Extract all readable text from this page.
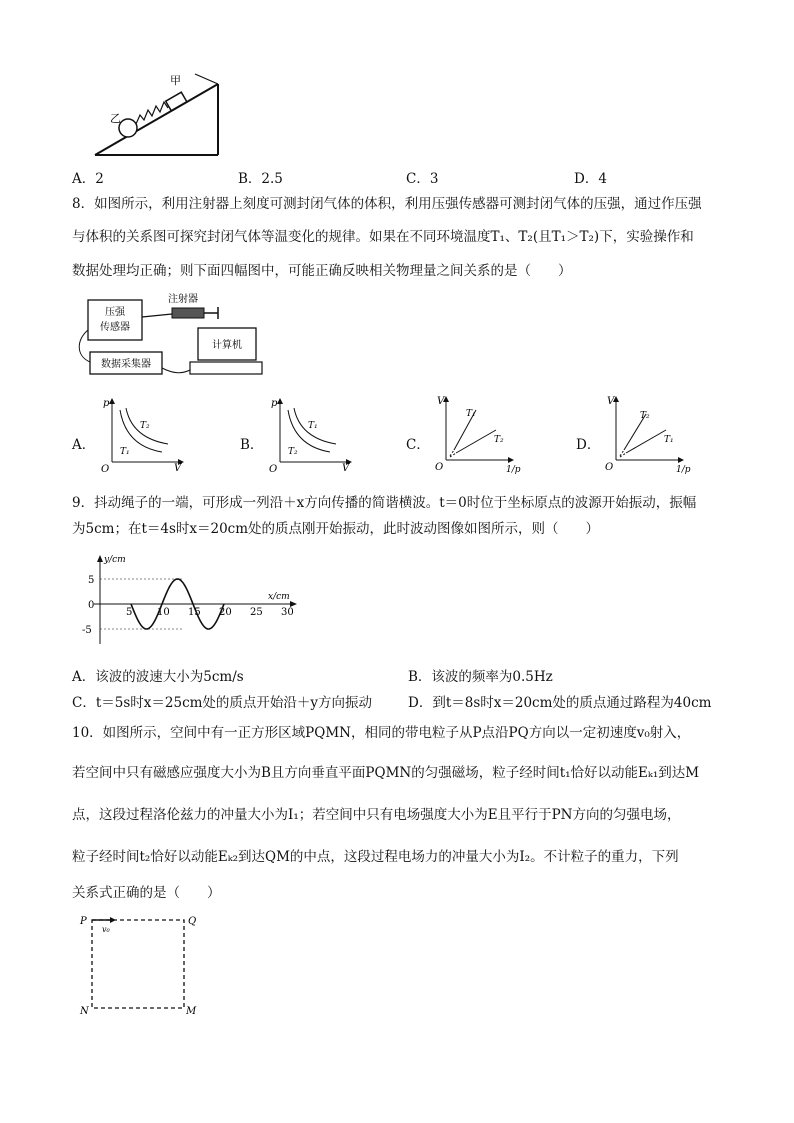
甲
乙
A．2	B．2.5	C．3	D．4
8．如图所示，利用注射器上刻度可测封闭气体的体积，利用压强传感器可测封闭气体的压强，通过作压强
与体积的关系图可探究封闭气体等温变化的规律。如果在不同环境温度T₁、T₂(且T₁＞T₂)下，实验操作和
数据处理均正确；则下面四幅图中，可能正确反映相关物理量之间关系的是（　　）
压强
传感器
注射器
计算机
数据采集器
A．	B．	C．	D．
p
V
O
T₂
T₁
p
V
O
T₁
T₂
V
1/p
O
T₁
T₂
V
1/p
O
T₂
T₁
9．抖动绳子的一端，可形成一列沿＋x方向传播的简谐横波。t＝0时位于坐标原点的波源开始振动，振幅
为5cm；在t＝4s时x＝20cm处的质点刚开始振动，此时波动图像如图所示，则（　　）
y/cm
x/cm
5
0
-5
5 10 15 20 25 30
A．该波的波速大小为5cm/s	B．该波的频率为0.5Hz
C．t＝5s时x＝25cm处的质点开始沿＋y方向振动	D．到t＝8s时x＝20cm处的质点通过路程为40cm
10．如图所示，空间中有一正方形区域PQMN，相同的带电粒子从P点沿PQ方向以一定初速度v₀射入，
若空间中只有磁感应强度大小为B且方向垂直平面PQMN的匀强磁场，粒子经时间t₁恰好以动能Eₖ₁到达M
点，这段过程洛伦兹力的冲量大小为I₁；若空间中只有电场强度大小为E且平行于PN方向的匀强电场，
粒子经时间t₂恰好以动能Eₖ₂到达QM的中点，这段过程电场力的冲量大小为I₂。不计粒子的重力，下列
关系式正确的是（　　）
P	Q
N	M
v₀
